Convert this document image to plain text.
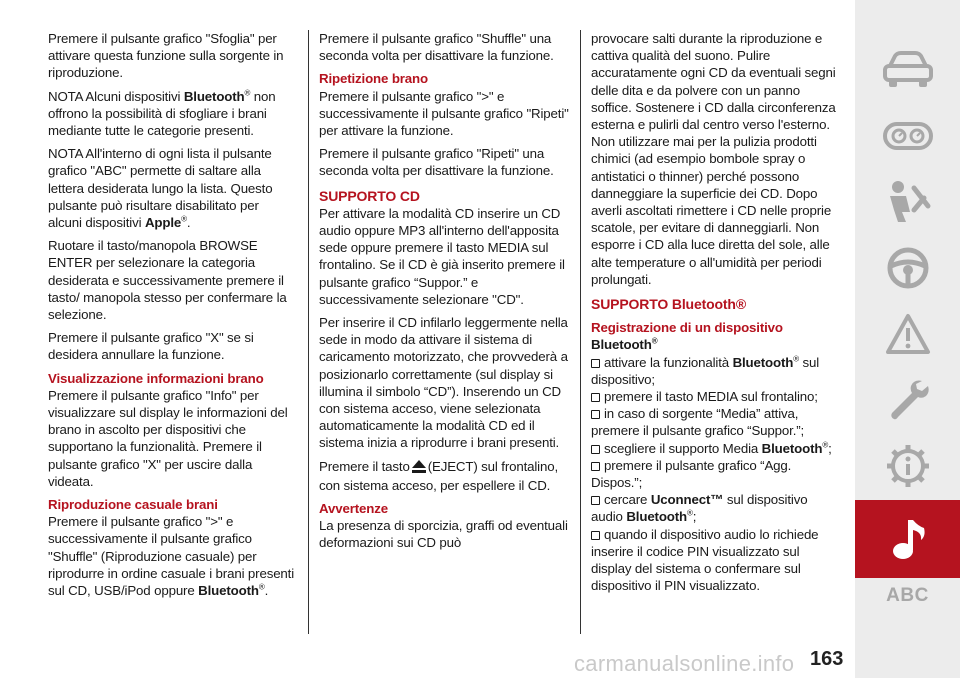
Premere il pulsante grafico "Sfoglia" per attivare questa funzione sulla sorgente in riproduzione.

NOTA Alcuni dispositivi Bluetooth® non offrono la possibilità di sfogliare i brani mediante tutte le categorie presenti.

NOTA All'interno di ogni lista il pulsante grafico "ABC" permette di saltare alla lettera desiderata lungo la lista. Questo pulsante può risultare disabilitato per alcuni dispositivi Apple®.

Ruotare il tasto/manopola BROWSE ENTER per selezionare la categoria desiderata e successivamente premere il tasto/ manopola stesso per confermare la selezione.

Premere il pulsante grafico "X" se si desidera annullare la funzione.

Visualizzazione informazioni brano

Premere il pulsante grafico "Info" per visualizzare sul display le informazioni del brano in ascolto per dispositivi che supportano la funzionalità. Premere il pulsante grafico "X" per uscire dalla videata.

Riproduzione casuale brani

Premere il pulsante grafico ">" e successivamente il pulsante grafico "Shuffle" (Riproduzione casuale) per riprodurre in ordine casuale i brani presenti sul CD, USB/iPod oppure Bluetooth®.

Premere il pulsante grafico "Shuffle" una seconda volta per disattivare la funzione.

Ripetizione brano

Premere il pulsante grafico ">" e successivamente il pulsante grafico "Ripeti" per attivare la funzione.

Premere il pulsante grafico "Ripeti" una seconda volta per disattivare la funzione.

SUPPORTO CD

Per attivare la modalità CD inserire un CD audio oppure MP3 all'interno dell'apposita sede oppure premere il tasto MEDIA sul frontalino. Se il CD è già inserito premere il pulsante grafico “Suppor.” e successivamente selezionare "CD".

Per inserire il CD infilarlo leggermente nella sede in modo da attivare il sistema di caricamento motorizzato, che provvederà a posizionarlo correttamente (sul display si illumina il simbolo “CD”). Inserendo un CD con sistema acceso, viene selezionata automaticamente la modalità CD ed il sistema inizia a riprodurre i brani presenti.

Premere il tasto (EJECT) sul frontalino, con sistema acceso, per espellere il CD.

Avvertenze

La presenza di sporcizia, graffi od eventuali deformazioni sui CD può

provocare salti durante la riproduzione e cattiva qualità del suono. Pulire accuratamente ogni CD da eventuali segni delle dita e da polvere con un panno soffice. Sostenere i CD dalla circonferenza esterna e pulirli dal centro verso l'esterno. Non utilizzare mai per la pulizia prodotti chimici (ad esempio bombole spray o antistatici o thinner) perché possono danneggiare la superficie dei CD. Dopo averli ascoltati rimettere i CD nelle proprie scatole, per evitare di danneggiarli. Non esporre i CD alla luce diretta del sole, alle alte temperature o all'umidità per periodi prolungati.

SUPPORTO Bluetooth®
Registrazione di un dispositivo
Bluetooth®
attivare la funzionalità Bluetooth® sul dispositivo;
premere il tasto MEDIA sul frontalino;
in caso di sorgente “Media” attiva, premere il pulsante grafico “Suppor.”;
scegliere il supporto Media Bluetooth®;
premere il pulsante grafico “Agg. Dispos.”;
cercare Uconnect™ sul dispositivo audio Bluetooth®;
quando il dispositivo audio lo richiede inserire il codice PIN visualizzato sul display del sistema o confermare sul dispositivo il PIN visualizzato.	ABC
carmanualsonline.info 163
